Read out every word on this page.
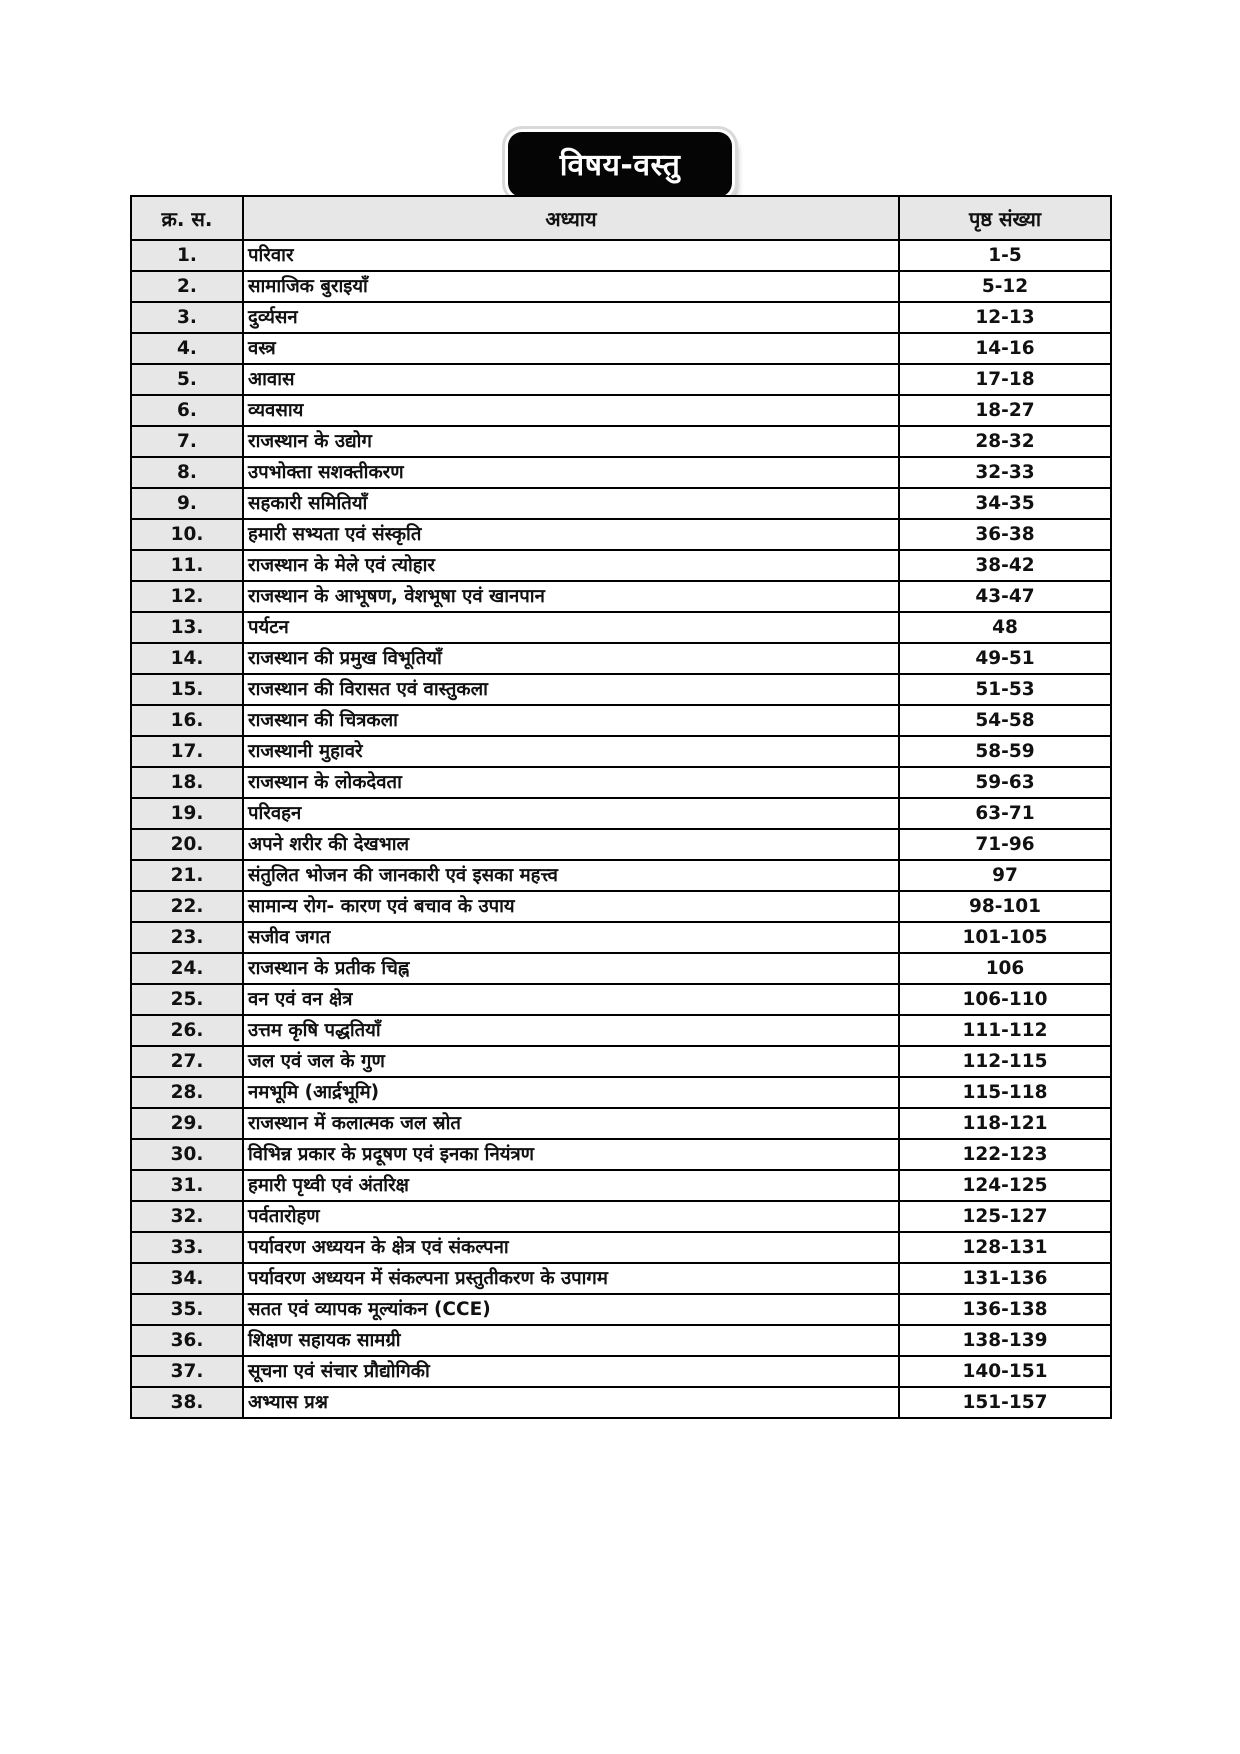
विषय-वस्तु
क्र. स.	अध्याय	पृष्ठ संख्या
1.	परिवार	1-5
2.	सामाजिक बुराइयाँ	5-12
3.	दुर्व्यसन	12-13
4.	वस्त्र	14-16
5.	आवास	17-18
6.	व्यवसाय	18-27
7.	राजस्थान के उद्योग	28-32
8.	उपभोक्ता सशक्तीकरण	32-33
9.	सहकारी समितियाँ	34-35
10.	हमारी सभ्यता एवं संस्कृति	36-38
11.	राजस्थान के मेले एवं त्योहार	38-42
12.	राजस्थान के आभूषण, वेशभूषा एवं खानपान	43-47
13.	पर्यटन	48
14.	राजस्थान की प्रमुख विभूतियाँ	49-51
15.	राजस्थान की विरासत एवं वास्तुकला	51-53
16.	राजस्थान की चित्रकला	54-58
17.	राजस्थानी मुहावरे	58-59
18.	राजस्थान के लोकदेवता	59-63
19.	परिवहन	63-71
20.	अपने शरीर की देखभाल	71-96
21.	संतुलित भोजन की जानकारी एवं इसका महत्त्व	97
22.	सामान्य रोग- कारण एवं बचाव के उपाय	98-101
23.	सजीव जगत	101-105
24.	राजस्थान के प्रतीक चिह्न	106
25.	वन एवं वन क्षेत्र	106-110
26.	उत्तम कृषि पद्धतियाँ	111-112
27.	जल एवं जल के गुण	112-115
28.	नमभूमि (आर्द्रभूमि)	115-118
29.	राजस्थान में कलात्मक जल स्रोत	118-121
30.	विभिन्न प्रकार के प्रदूषण एवं इनका नियंत्रण	122-123
31.	हमारी पृथ्वी एवं अंतरिक्ष	124-125
32.	पर्वतारोहण	125-127
33.	पर्यावरण अध्ययन के क्षेत्र एवं संकल्पना	128-131
34.	पर्यावरण अध्ययन में संकल्पना प्रस्तुतीकरण के उपागम	131-136
35.	सतत एवं व्यापक मूल्यांकन (CCE)	136-138
36.	शिक्षण सहायक सामग्री	138-139
37.	सूचना एवं संचार प्रौद्योगिकी	140-151
38.	अभ्यास प्रश्न	151-157
